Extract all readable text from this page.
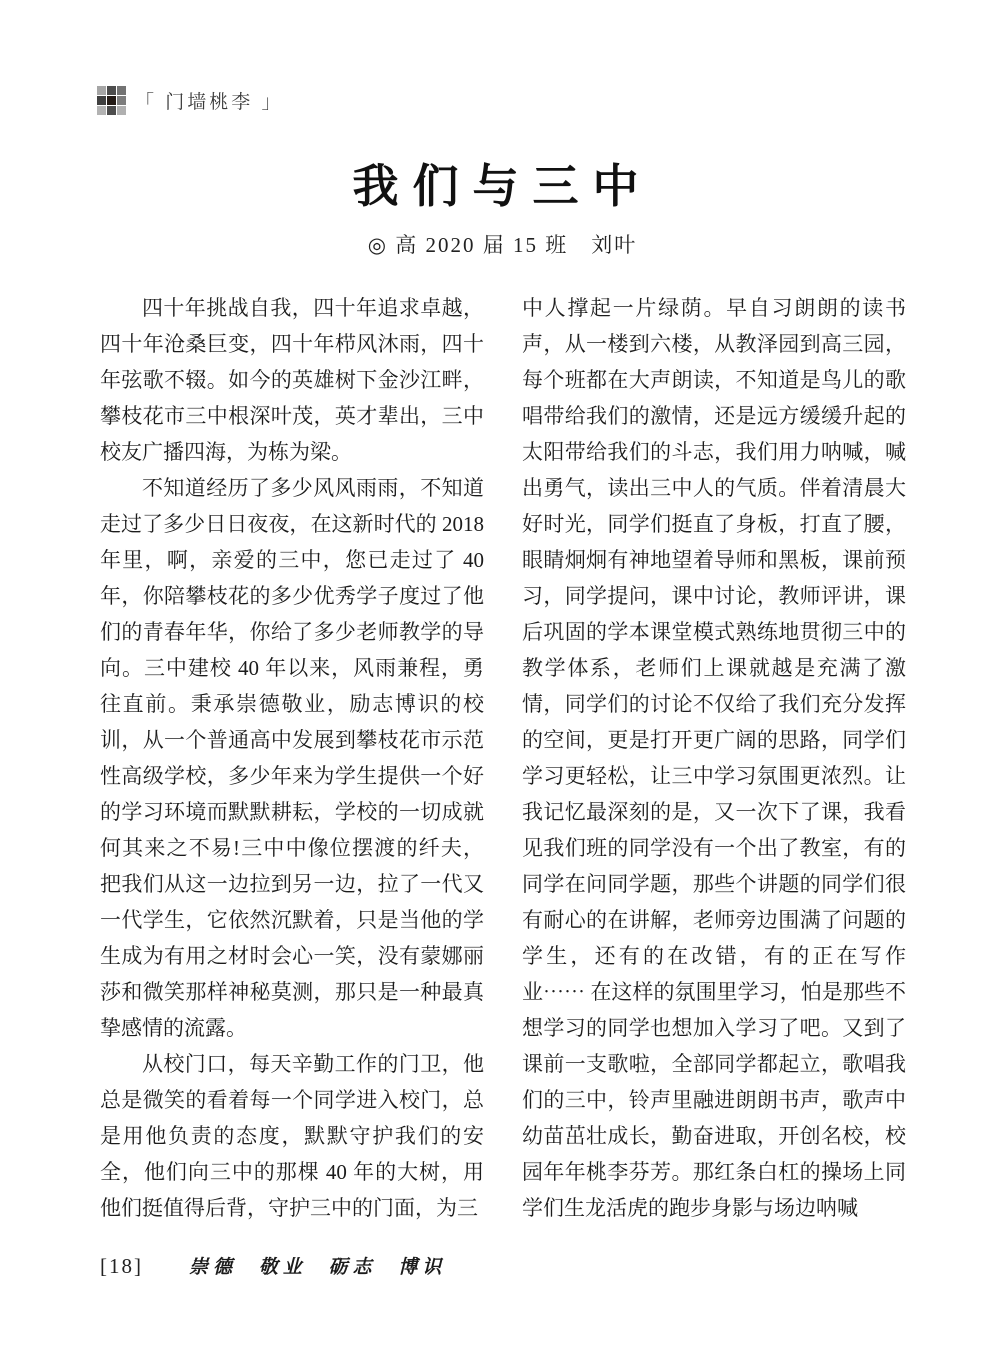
「 门墙桃李 」
我们与三中
◎ 高 2020 届 15 班　刘叶

四十年挑战自我，四十年追求卓越，四十年沧桑巨变，四十年栉风沐雨，四十年弦歌不辍。如今的英雄树下金沙江畔，攀枝花市三中根深叶茂，英才辈出，三中校友广播四海，为栋为梁。

不知道经历了多少风风雨雨，不知道走过了多少日日夜夜，在这新时代的 2018 年里，啊，亲爱的三中，您已走过了 40 年，你陪攀枝花的多少优秀学子度过了他们的青春年华，你给了多少老师教学的导向。三中建校 40 年以来，风雨兼程，勇往直前。秉承崇德敬业，励志博识的校训，从一个普通高中发展到攀枝花市示范性高级学校，多少年来为学生提供一个好的学习环境而默默耕耘，学校的一切成就何其来之不易!三中中像位摆渡的纤夫，把我们从这一边拉到另一边，拉了一代又一代学生，它依然沉默着，只是当他的学生成为有用之材时会心一笑，没有蒙娜丽莎和微笑那样神秘莫测，那只是一种最真挚感情的流露。

从校门口，每天辛勤工作的门卫，他总是微笑的看着每一个同学进入校门，总是用他负责的态度，默默守护我们的安全，他们向三中的那棵 40 年的大树，用他们挺值得后背，守护三中的门面，为三

中人撑起一片绿荫。早自习朗朗的读书声，从一楼到六楼，从教泽园到高三园，每个班都在大声朗读，不知道是鸟儿的歌唱带给我们的激情，还是远方缓缓升起的太阳带给我们的斗志，我们用力呐喊，喊出勇气，读出三中人的气质。伴着清晨大好时光，同学们挺直了身板，打直了腰，眼睛炯炯有神地望着导师和黑板，课前预习，同学提问，课中讨论，教师评讲，课后巩固的学本课堂模式熟练地贯彻三中的教学体系，老师们上课就越是充满了激情，同学们的讨论不仅给了我们充分发挥的空间，更是打开更广阔的思路，同学们学习更轻松，让三中学习氛围更浓烈。让我记忆最深刻的是，又一次下了课，我看见我们班的同学没有一个出了教室，有的同学在问同学题，那些个讲题的同学们很有耐心的在讲解，老师旁边围满了问题的学生，还有的在改错，有的正在写作业⋯⋯ 在这样的氛围里学习，怕是那些不想学习的同学也想加入学习了吧。又到了课前一支歌啦，全部同学都起立，歌唱我们的三中，铃声里融进朗朗书声，歌声中幼苗茁壮成长，勤奋进取，开创名校，校园年年桃李芬芳。那红条白杠的操场上同学们生龙活虎的跑步身影与场边呐喊

[18] 崇德 敬业 砺志 博识
